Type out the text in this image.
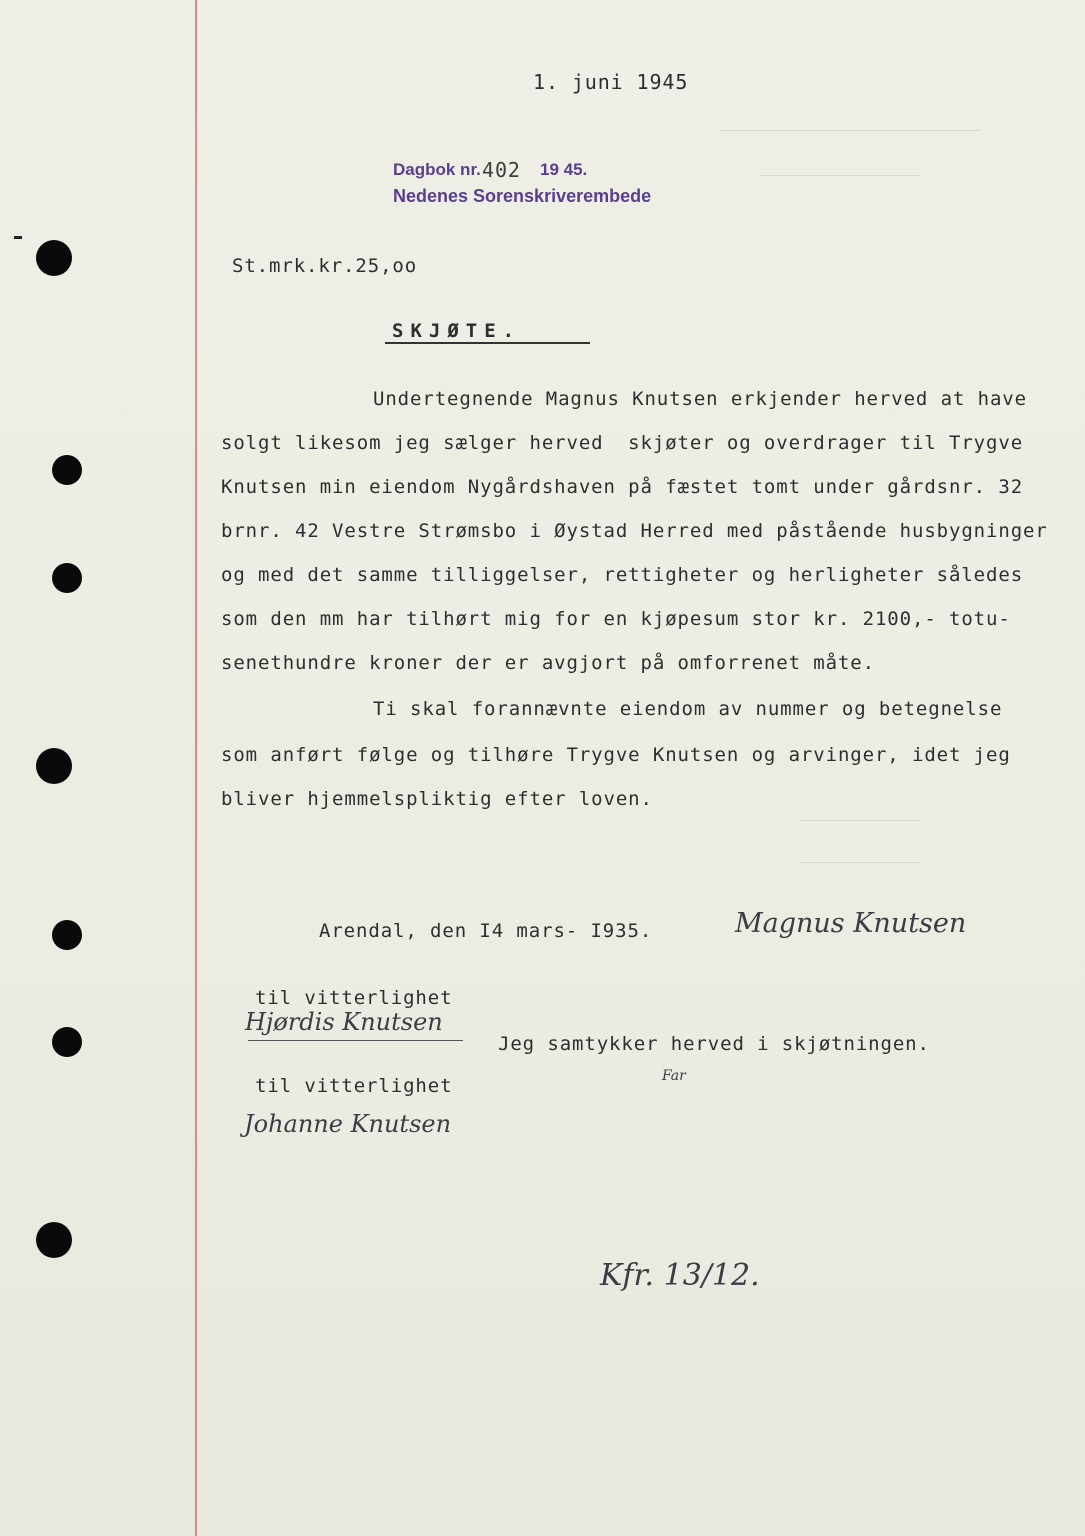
1. juni 1945
Dagbok nr. 402 19 45.
Nedenes Sorenskriverembede
St.mrk.kr.25,oo
SKJØTE.
Undertegnende Magnus Knutsen erkjender herved at have
solgt likesom jeg sælger herved  skjøter og overdrager til Trygve
Knutsen min eiendom Nygårdshaven på fæstet tomt under gårdsnr. 32
brnr. 42 Vestre Strømsbo i Øystad Herred med påstående husbygninger
og med det samme tilliggelser, rettigheter og herligheter således
som den mm har tilhørt mig for en kjøpesum stor kr. 2100,- totu-
senethundre kroner der er avgjort på omforrenet måte.
Ti skal forannævnte eiendom av nummer og betegnelse
som anført følge og tilhøre Trygve Knutsen og arvinger, idet jeg
bliver hjemmelspliktig efter loven.
Arendal, den I4 mars- I935.	Magnus Knutsen
til vitterlighet
Hjørdis Knutsen
Jeg samtykker herved i skjøtningen.
Far
til vitterlighet
Johanne Knutsen
Kfr. 13/12.
